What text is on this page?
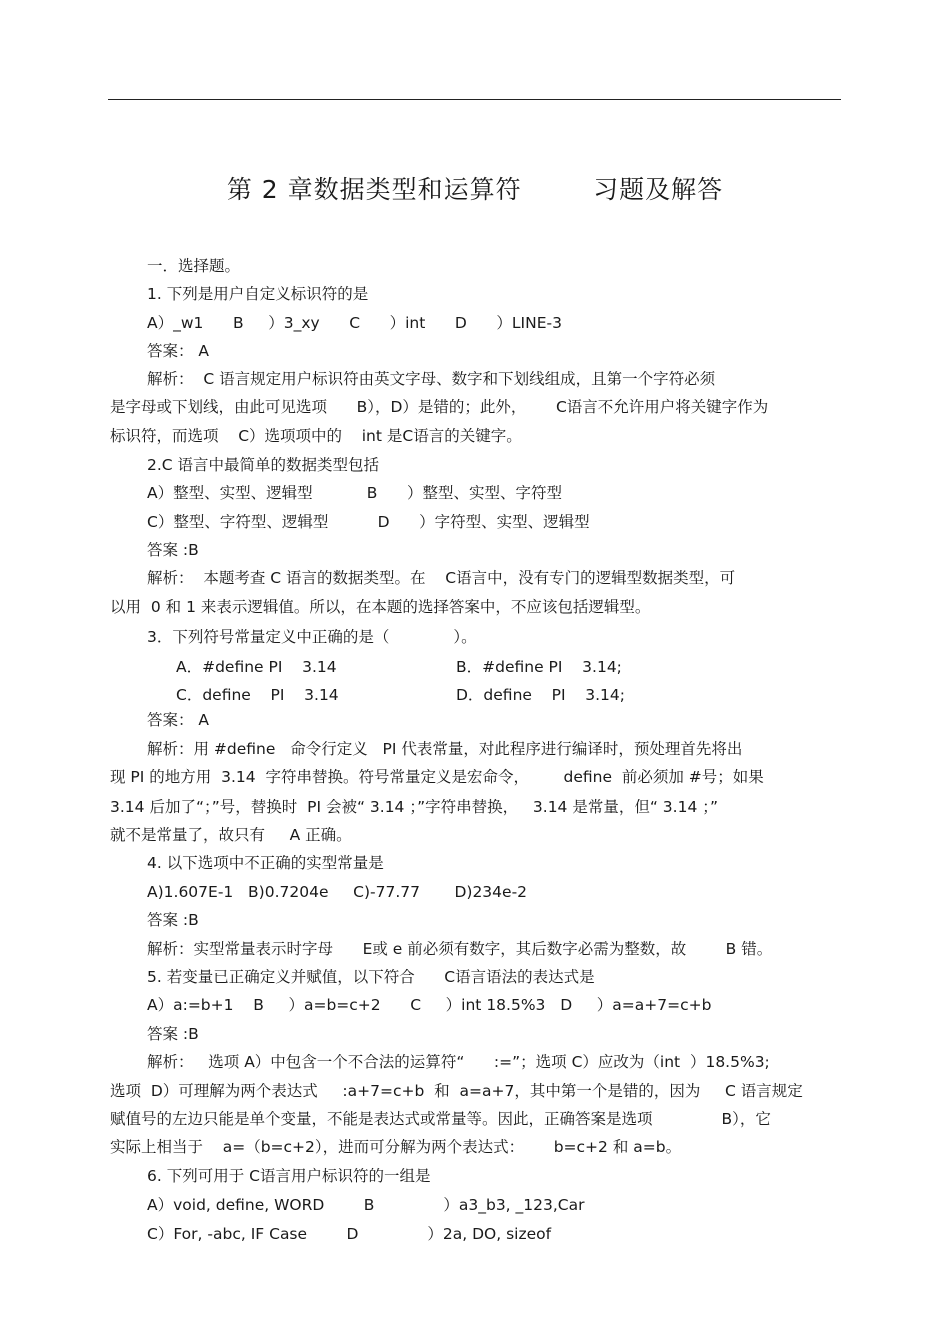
第 2 章数据类型和运算符        习题及解答
一．选择题。
1. 下列是用户自定义标识符的是
A）_w1      B     ）3_xy      C      ）int      D      ）LINE-3
答案： A
解析：  C 语言规定用户标识符由英文字母、数字和下划线组成，且第一个字符必须
是字母或下划线，由此可见选项      B），D）是错的；此外，      C语言不允许用户将关键字作为
标识符，而选项    C）选项项中的    int 是C语言的关键字。
2.C 语言中最简单的数据类型包括
A）整型、实型、逻辑型           B      ）整型、实型、字符型
C）整型、字符型、逻辑型          D      ）字符型、实型、逻辑型
答案 :B
解析：  本题考查 C 语言的数据类型。在    C语言中，没有专门的逻辑型数据类型，可
以用  0 和 1 来表示逻辑值。所以，在本题的选择答案中，不应该包括逻辑型。
3．下列符号常量定义中正确的是（             ）。
A．#define PI    3.14	B．#define PI    3.14;
C．define    PI    3.14	D．define    PI    3.14;
答案： A
解析：用 #define   命令行定义   PI 代表常量，对此程序进行编译时，预处理首先将出
现 PI 的地方用  3.14  字符串替换。符号常量定义是宏命令，       define  前必须加 #号；如果
3.14 后加了“；”号，替换时  PI 会被“ 3.14 ；”字符串替换，   3.14 是常量，但“ 3.14 ；”
就不是常量了，故只有     A 正确。
4. 以下选项中不正确的实型常量是
A)1.607E-1   B)0.7204e     C)-77.77       D)234e-2
答案 :B
解析：实型常量表示时字母      E或 e 前必须有数字，其后数字必需为整数，故        B 错。
5. 若变量已正确定义并赋值，以下符合      C语言语法的表达式是
A）a:=b+1    B     ）a=b=c+2      C     ）int 18.5%3   D     ）a=a+7=c+b
答案 :B
解析：   选项 A）中包含一个不合法的运算符“      :=”；选项 C）应改为（int  ）18.5%3;
选项  D）可理解为两个表达式     :a+7=c+b  和  a=a+7，其中第一个是错的，因为     C 语言规定
赋值号的左边只能是单个变量，不能是表达式或常量等。因此，正确答案是选项              B），它
实际上相当于    a=（b=c+2），进而可分解为两个表达式：      b=c+2 和 a=b。
6. 下列可用于 C语言用户标识符的一组是
A）void, define, WORD        B              ）a3_b3, _123,Car
C）For, -abc, IF Case        D              ）2a, DO, sizeof
